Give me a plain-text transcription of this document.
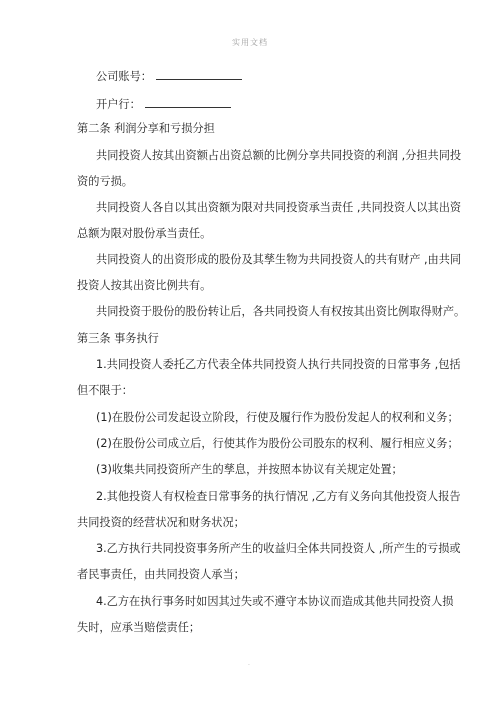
实用文档
公司账号：
开户行：
第二条 利润分享和亏损分担
共同投资人按其出资额占出资总额的比例分享共同投资的利润 ,分担共同投
资的亏损。
共同投资人各自以其出资额为限对共同投资承当责任 ,共同投资人以其出资
总额为限对股份承当责任。
共同投资人的出资形成的股份及其孳生物为共同投资人的共有财产 ,由共同
投资人按其出资比例共有。
共同投资于股份的股份转让后，各共同投资人有权按其出资比例取得财产。
第三条 事务执行
1.共同投资人委托乙方代表全体共同投资人执行共同投资的日常事务 ,包括
但不限于：
(1)在股份公司发起设立阶段，行使及履行作为股份发起人的权利和义务；
(2)在股份公司成立后，行使其作为股份公司股东的权利、履行相应义务；
(3)收集共同投资所产生的孳息，并按照本协议有关规定处置；
2.其他投资人有权检查日常事务的执行情况 ,乙方有义务向其他投资人报告
共同投资的经营状况和财务状况；
3.乙方执行共同投资事务所产生的收益归全体共同投资人 ,所产生的亏损或
者民事责任，由共同投资人承当；
4.乙方在执行事务时如因其过失或不遵守本协议而造成其他共同投资人损
失时，应承当赔偿责任；
.
